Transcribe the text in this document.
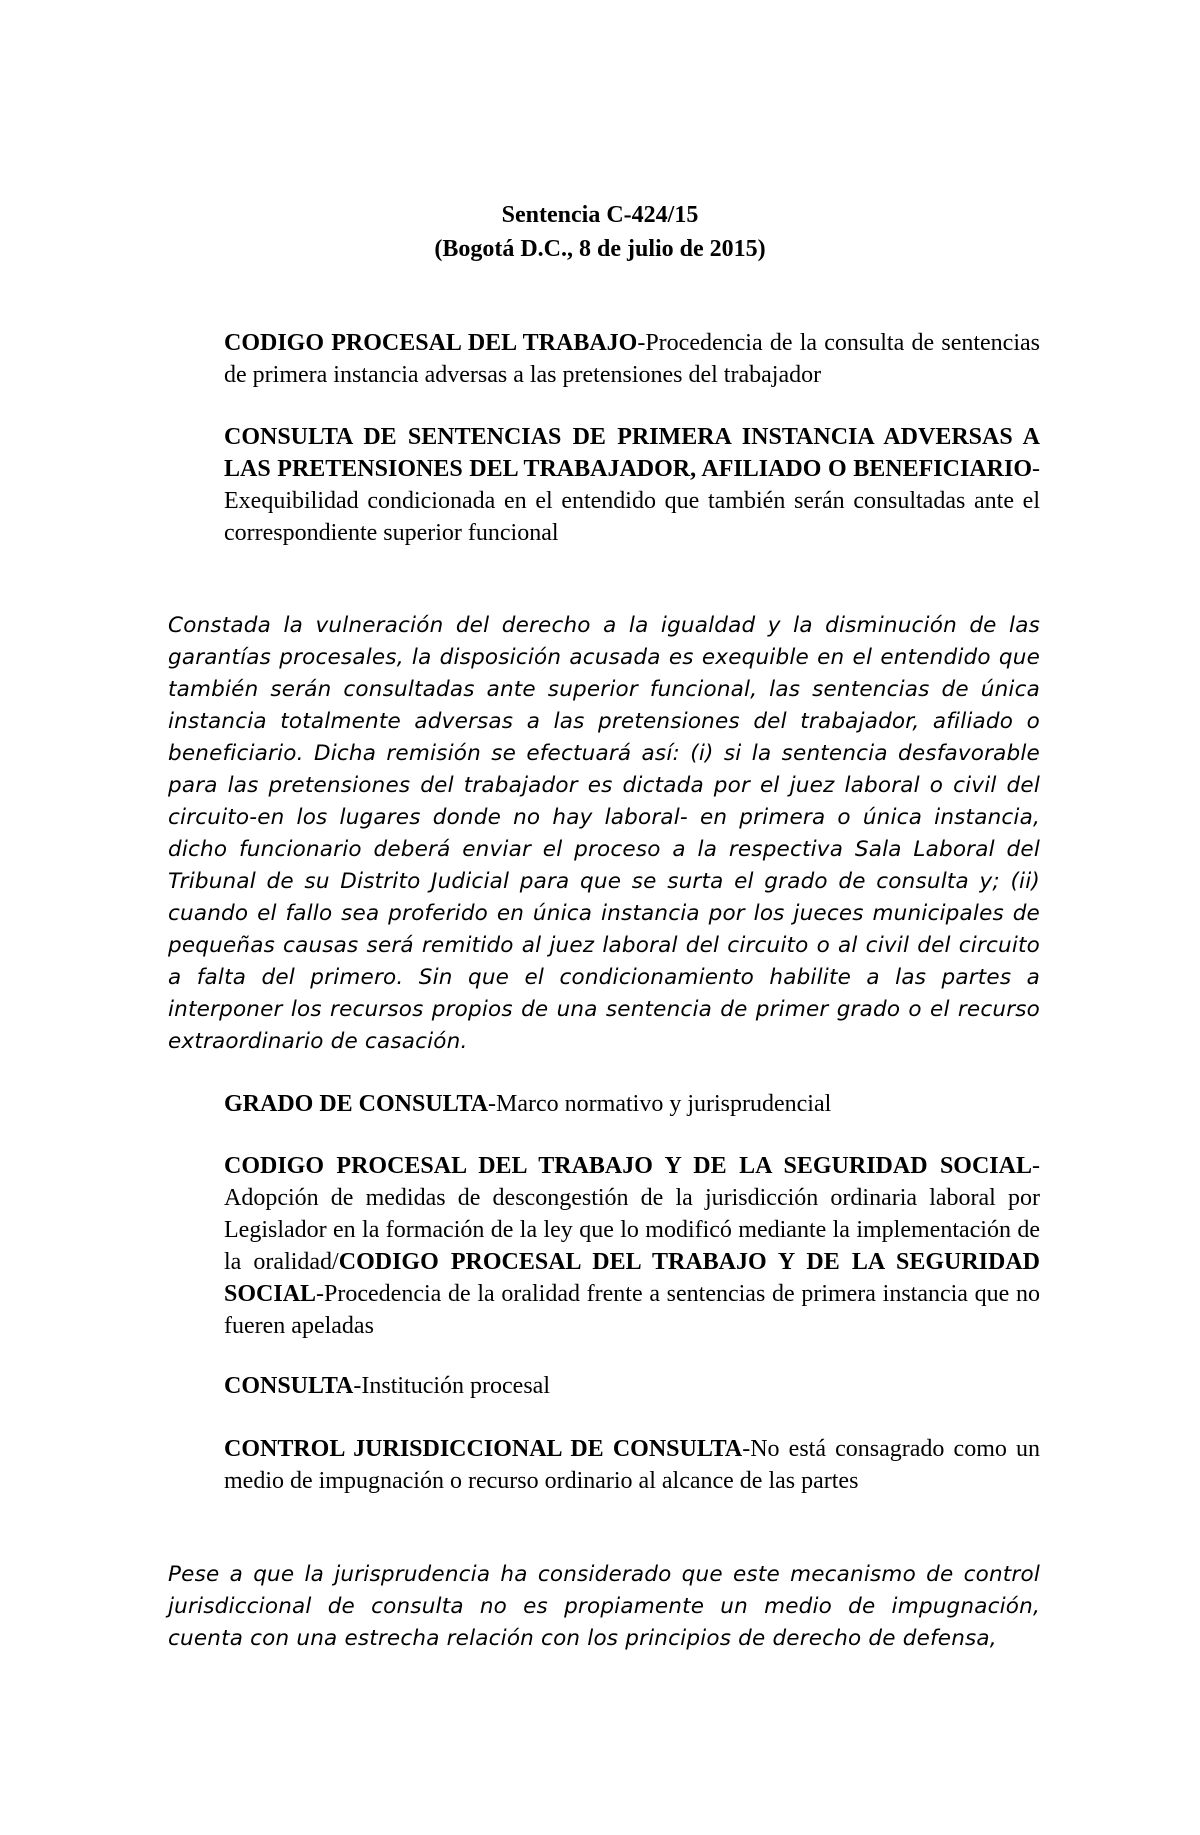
Sentencia C-424/15
(Bogotá D.C., 8 de julio de 2015)
CODIGO PROCESAL DEL TRABAJO-Procedencia de la consulta de sentencias de primera instancia adversas a las pretensiones del trabajador
CONSULTA DE SENTENCIAS DE PRIMERA INSTANCIA ADVERSAS A LAS PRETENSIONES DEL TRABAJADOR, AFILIADO O BENEFICIARIO-Exequibilidad condicionada en el entendido que también serán consultadas ante el correspondiente superior funcional
Constada la vulneración del derecho a la igualdad y la disminución de las garantías procesales, la disposición acusada es exequible en el entendido que también serán consultadas ante superior funcional, las sentencias de única instancia totalmente adversas a las pretensiones del trabajador, afiliado o beneficiario. Dicha remisión se efectuará así: (i) si la sentencia desfavorable para las pretensiones del trabajador es dictada por el juez laboral o civil del circuito-en los lugares donde no hay laboral- en primera o única instancia, dicho funcionario deberá enviar el proceso a la respectiva Sala Laboral del Tribunal de su Distrito Judicial para que se surta el grado de consulta y; (ii) cuando el fallo sea proferido en única instancia por los jueces municipales de pequeñas causas será remitido al juez laboral del circuito o al civil del circuito a falta del primero. Sin que el condicionamiento habilite a las partes a interponer los recursos propios de una sentencia de primer grado o el recurso extraordinario de casación.
GRADO DE CONSULTA-Marco normativo y jurisprudencial
CODIGO PROCESAL DEL TRABAJO Y DE LA SEGURIDAD SOCIAL-Adopción de medidas de descongestión de la jurisdicción ordinaria laboral por Legislador en la formación de la ley que lo modificó mediante la implementación de la oralidad/CODIGO PROCESAL DEL TRABAJO Y DE LA SEGURIDAD SOCIAL-Procedencia de la oralidad frente a sentencias de primera instancia que no fueren apeladas
CONSULTA-Institución procesal
CONTROL JURISDICCIONAL DE CONSULTA-No está consagrado como un medio de impugnación o recurso ordinario al alcance de las partes
Pese a que la jurisprudencia ha considerado que este mecanismo de control jurisdiccional de consulta no es propiamente un medio de impugnación, cuenta con una estrecha relación con los principios de derecho de defensa,
